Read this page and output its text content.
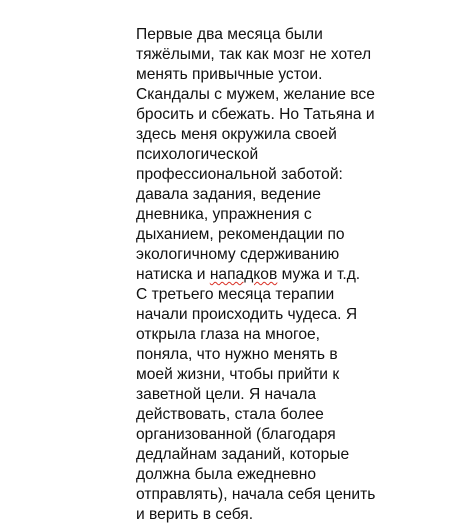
Первые два месяца были
тяжёлыми, так как мозг не хотел
менять привычные устои.
Скандалы с мужем, желание все
бросить и сбежать. Но Татьяна и
здесь меня окружила своей
психологической
профессиональной заботой:
давала задания, ведение
дневника, упражнения с
дыханием, рекомендации по
экологичному сдерживанию
натиска и нападков мужа и т.д.
С третьего месяца терапии
начали происходить чудеса. Я
открыла глаза на многое,
поняла, что нужно менять в
моей жизни, чтобы прийти к
заветной цели. Я начала
действовать, стала более
организованной (благодаря
дедлайнам заданий, которые
должна была ежедневно
отправлять), начала себя ценить
и верить в себя.
